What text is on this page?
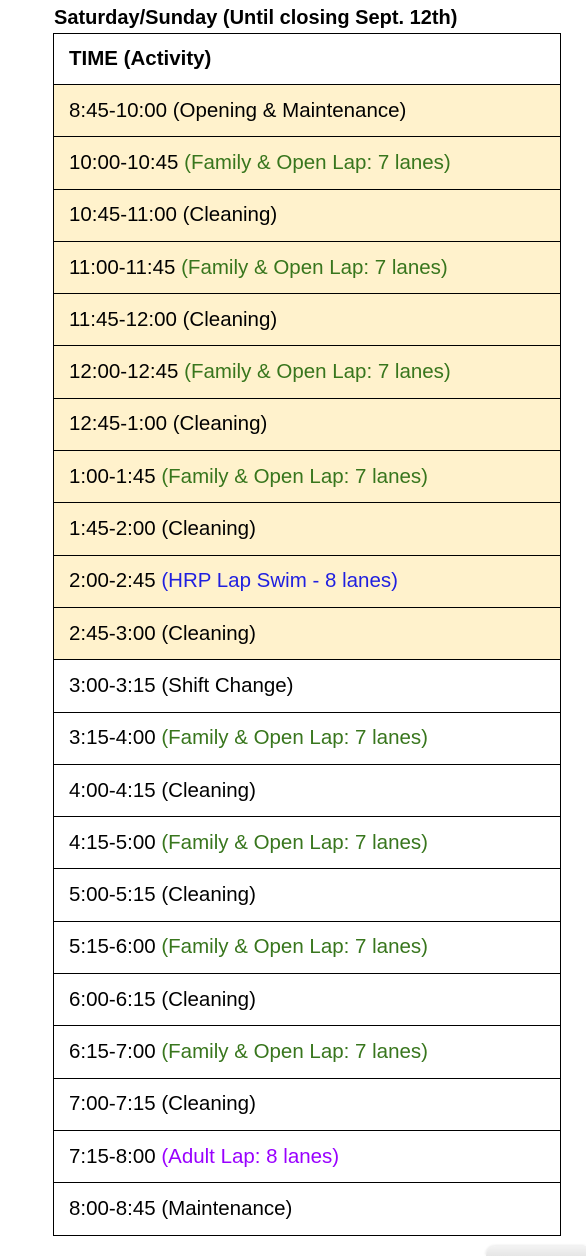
Saturday/Sunday (Until closing Sept. 12th)
TIME (Activity)
8:45-10:00 (Opening & Maintenance)
10:00-10:45 (Family & Open Lap: 7 lanes)
10:45-11:00 (Cleaning)
11:00-11:45 (Family & Open Lap: 7 lanes)
11:45-12:00 (Cleaning)
12:00-12:45 (Family & Open Lap: 7 lanes)
12:45-1:00 (Cleaning)
1:00-1:45 (Family & Open Lap: 7 lanes)
1:45-2:00 (Cleaning)
2:00-2:45 (HRP Lap Swim - 8 lanes)
2:45-3:00 (Cleaning)
3:00-3:15 (Shift Change)
3:15-4:00 (Family & Open Lap: 7 lanes)
4:00-4:15 (Cleaning)
4:15-5:00 (Family & Open Lap: 7 lanes)
5:00-5:15 (Cleaning)
5:15-6:00 (Family & Open Lap: 7 lanes)
6:00-6:15 (Cleaning)
6:15-7:00 (Family & Open Lap: 7 lanes)
7:00-7:15 (Cleaning)
7:15-8:00 (Adult Lap: 8 lanes)
8:00-8:45 (Maintenance)
